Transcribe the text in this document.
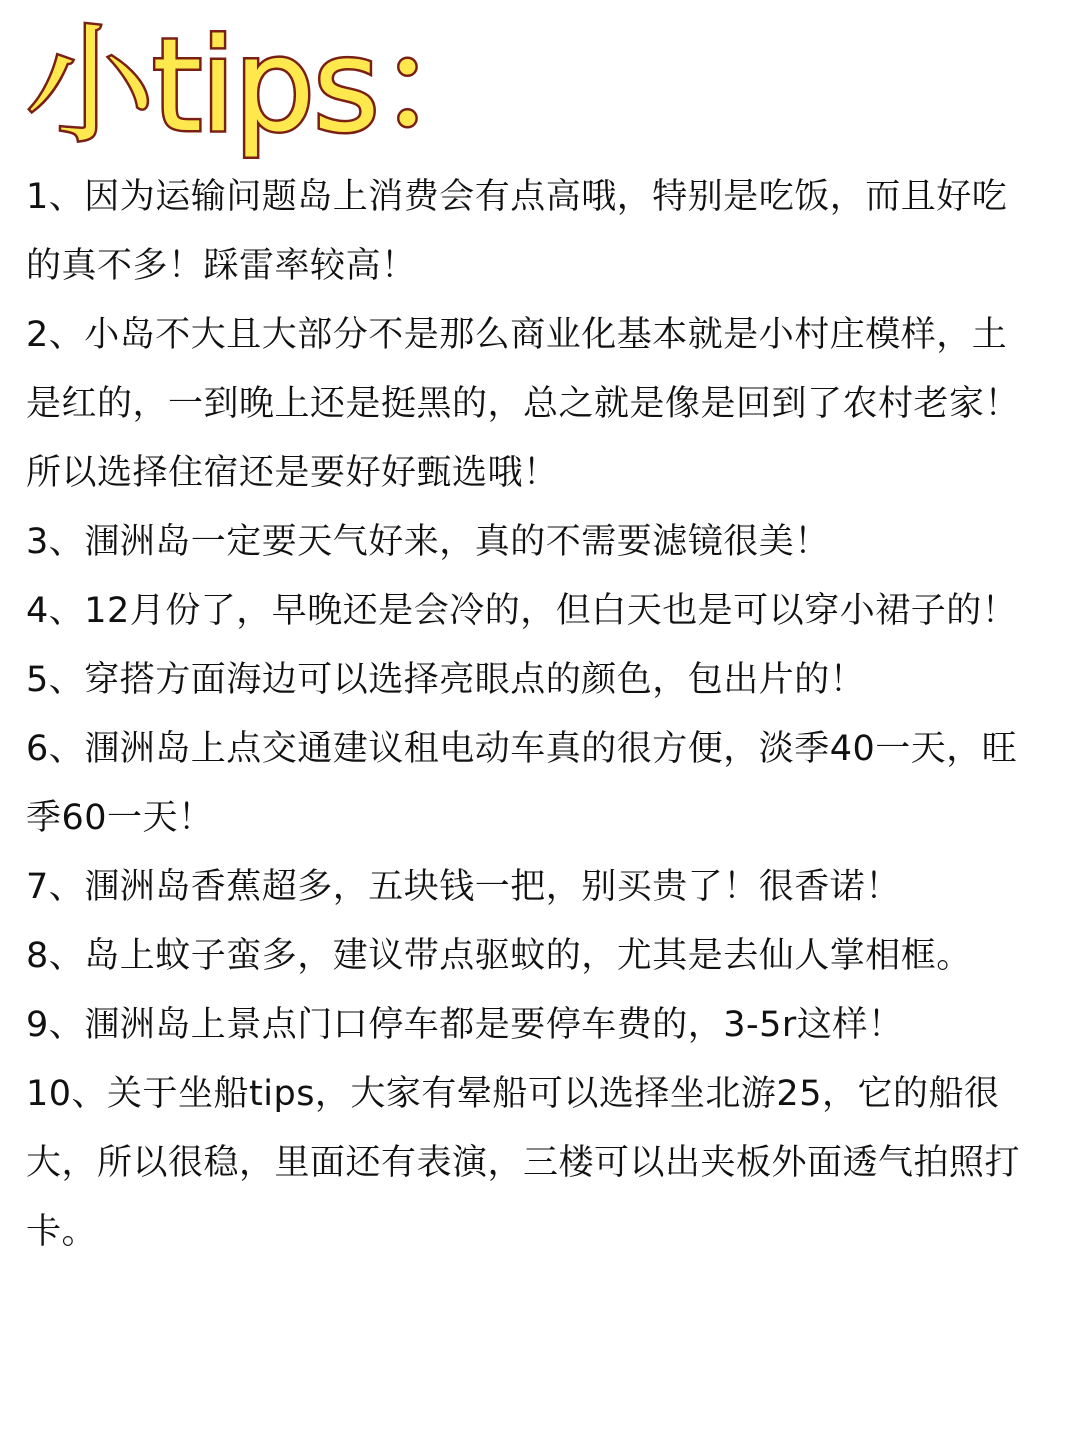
小tips：
1、因为运输问题岛上消费会有点高哦，特别是吃饭，而且好吃的真不多！踩雷率较高！
2、小岛不大且大部分不是那么商业化基本就是小村庄模样，土是红的，一到晚上还是挺黑的，总之就是像是回到了农村老家！所以选择住宿还是要好好甄选哦！
3、涠洲岛一定要天气好来，真的不需要滤镜很美！
4、12月份了，早晚还是会冷的，但白天也是可以穿小裙子的！
5、穿搭方面海边可以选择亮眼点的颜色，包出片的！
6、涠洲岛上点交通建议租电动车真的很方便，淡季40一天，旺季60一天！
7、涠洲岛香蕉超多，五块钱一把，别买贵了！很香诺！
8、岛上蚊子蛮多，建议带点驱蚊的，尤其是去仙人掌相框。
9、涠洲岛上景点门口停车都是要停车费的，3-5r这样！
10、关于坐船tips，大家有晕船可以选择坐北游25，它的船很大，所以很稳，里面还有表演，三楼可以出夹板外面透气拍照打卡。
